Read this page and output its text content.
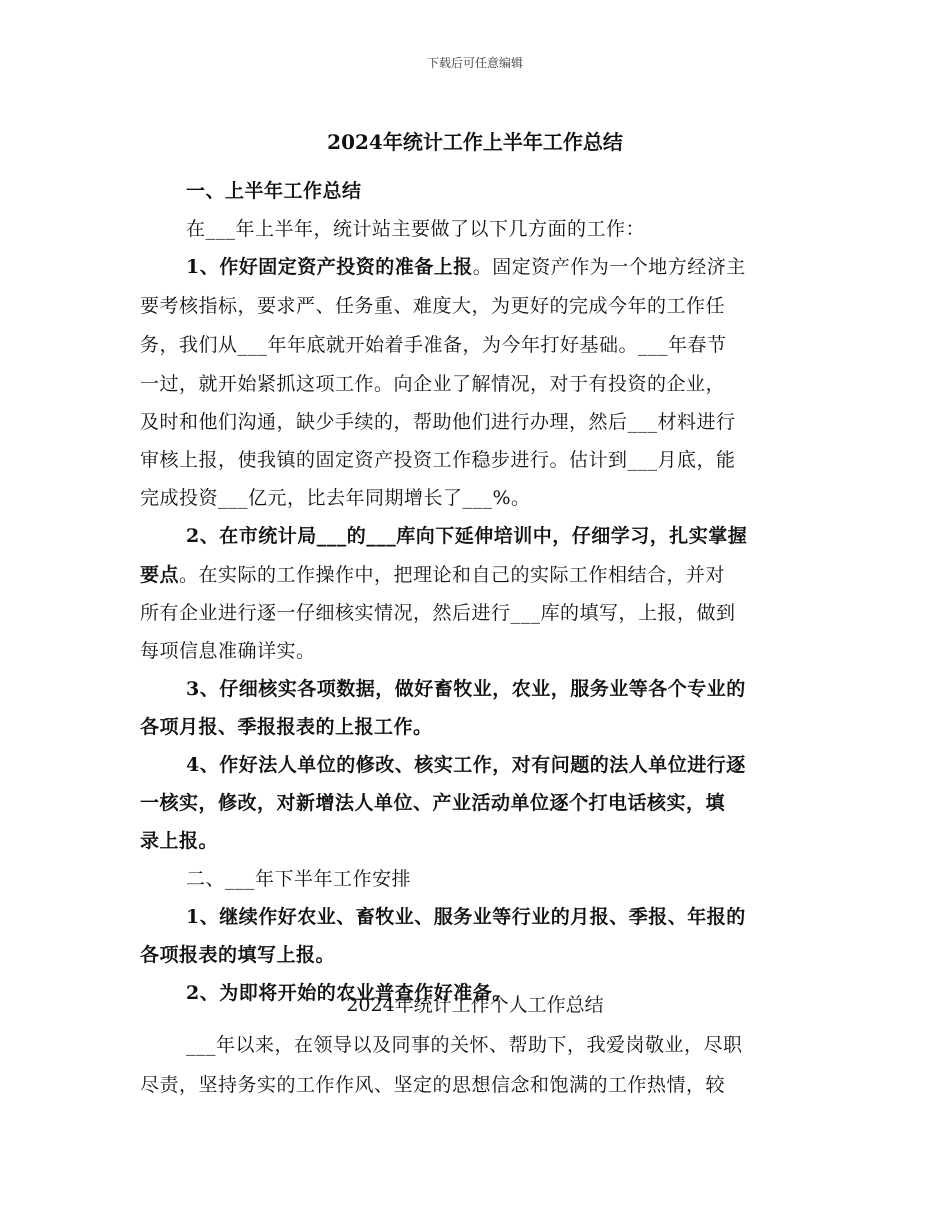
下载后可任意编辑
2024年统计工作上半年工作总结
一、上半年工作总结
在___年上半年，统计站主要做了以下几方面的工作：
1、作好固定资产投资的准备上报。固定资产作为一个地方经济主
要考核指标，要求严、任务重、难度大，为更好的完成今年的工作任
务，我们从___年年底就开始着手准备，为今年打好基础。___年春节
一过，就开始紧抓这项工作。向企业了解情况，对于有投资的企业，
及时和他们沟通，缺少手续的，帮助他们进行办理，然后___材料进行
审核上报，使我镇的固定资产投资工作稳步进行。估计到___月底，能
完成投资___亿元，比去年同期增长了___%。
2、在市统计局___的___库向下延伸培训中，仔细学习，扎实掌握
要点。在实际的工作操作中，把理论和自己的实际工作相结合，并对
所有企业进行逐一仔细核实情况，然后进行___库的填写，上报，做到
每项信息准确详实。
3、仔细核实各项数据，做好畜牧业，农业，服务业等各个专业的
各项月报、季报报表的上报工作。
4、作好法人单位的修改、核实工作，对有问题的法人单位进行逐
一核实，修改，对新增法人单位、产业活动单位逐个打电话核实，填
录上报。
二、___年下半年工作安排
1、继续作好农业、畜牧业、服务业等行业的月报、季报、年报的
各项报表的填写上报。
2、为即将开始的农业普查作好准备。
2024年统计工作个人工作总结
___年以来，在领导以及同事的关怀、帮助下，我爱岗敬业，尽职
尽责，坚持务实的工作作风、坚定的思想信念和饱满的工作热情，较
